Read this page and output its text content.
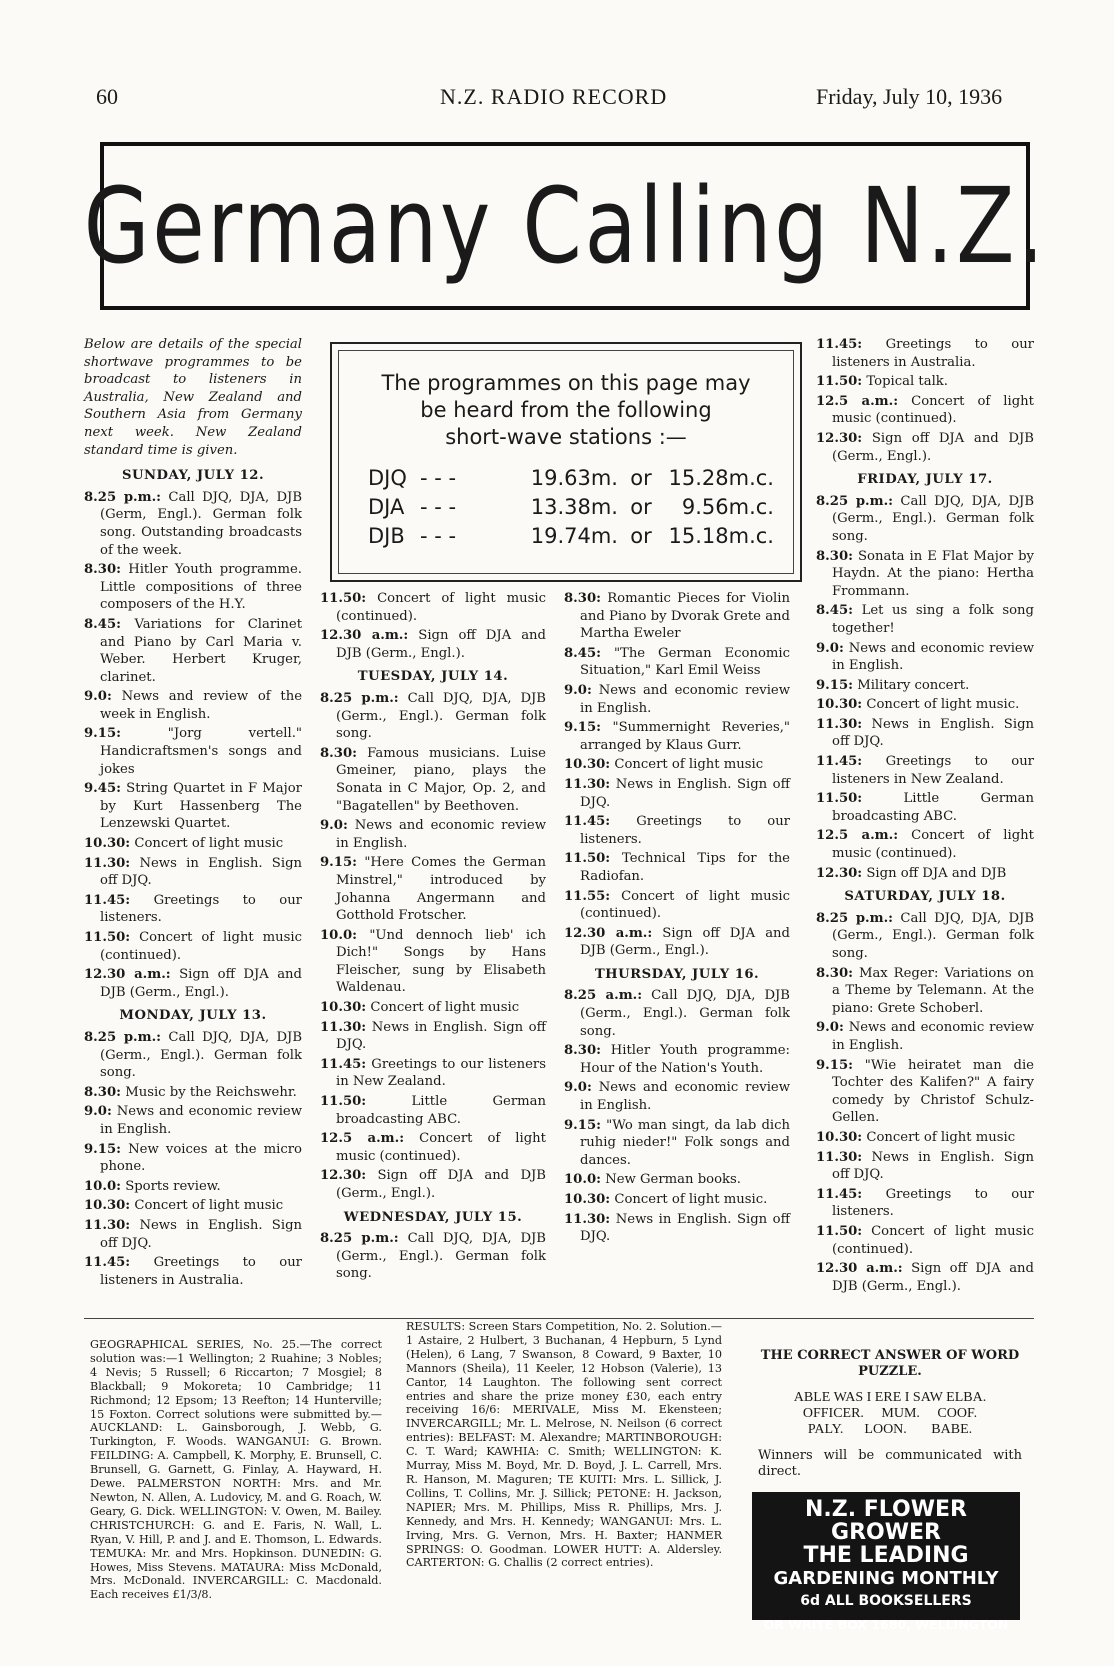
60	N.Z. RADIO RECORD	Friday, July 10, 1936
Germany Calling N.Z.

Below are details of the special shortwave programmes to be broadcast to listeners in Australia, New Zealand and Southern Asia from Germany next week. New Zealand standard time is given.

SUNDAY, JULY 12.

8.25 p.m.: Call DJQ, DJA, DJB (Germ, Engl.). German folk song. Outstanding broadcasts of the week.

8.30: Hitler Youth programme. Little compositions of three composers of the H.Y.

8.45: Variations for Clarinet and Piano by Carl Maria v. Weber. Herbert Kruger, clarinet.

9.0: News and review of the week in English.

9.15:	"Jorg vertell." Handicraftsmen's songs and jokes

9.45: String Quartet in F Major by Kurt Hassenberg The Lenzewski Quartet.

10.30: Concert of light music

11.30: News in English. Sign off DJQ.

11.45: Greetings to our listeners.

11.50: Concert of light music (continued).

12.30 a.m.: Sign off DJA and DJB (Germ., Engl.).

MONDAY, JULY 13.

8.25 p.m.: Call DJQ, DJA, DJB (Germ., Engl.). German folk song.

8.30: Music by the Reichswehr.

9.0: News and economic review in English.

9.15: New voices at the micro phone.

10.0: Sports review.

10.30: Concert of light music

11.30: News in English. Sign off DJQ.

11.45: Greetings to our listeners in Australia.

The programmes on this page may
be heard from the following
short-wave stations :—
DJQ - - -	19.63m. or 15.28m.c.
DJA - - -	13.38m. or	9.56m.c.
DJB - - -	19.74m. or 15.18m.c.

11.50: Concert of light music (continued).

12.30 a.m.: Sign off DJA and DJB (Germ., Engl.).

TUESDAY, JULY 14.

8.25 p.m.: Call DJQ, DJA, DJB (Germ., Engl.). German folk song.

8.30: Famous musicians. Luise Gmeiner, piano, plays the Sonata in C Major, Op. 2, and "Bagatellen" by Beethoven.

9.0: News and economic review in English.

9.15: "Here Comes the German Minstrel," introduced by Johanna Angermann and Gotthold Frotscher.

10.0: "Und dennoch lieb' ich Dich!" Songs by Hans Fleischer, sung by Elisabeth Waldenau.

10.30: Concert of light music

11.30: News in English. Sign off DJQ.

11.45: Greetings to our listeners in New Zealand.

11.50:	Little German broadcasting ABC.

12.5 a.m.: Concert of light music (continued).

12.30: Sign off DJA and DJB (Germ., Engl.).

WEDNESDAY, JULY 15.

8.25 p.m.: Call DJQ, DJA, DJB (Germ., Engl.). German folk song.

8.30: Romantic Pieces for Violin and Piano by Dvorak Grete and Martha Eweler

8.45: "The German Economic Situation," Karl Emil Weiss

9.0: News and economic review in English.

9.15: "Summernight Reveries," arranged by Klaus Gurr.

10.30: Concert of light music

11.30: News in English. Sign off DJQ.

11.45: Greetings to our listeners.

11.50: Technical Tips for the Radiofan.

11.55: Concert of light music (continued).

12.30 a.m.: Sign off DJA and DJB (Germ., Engl.).

THURSDAY, JULY 16.

8.25 a.m.: Call DJQ, DJA, DJB (Germ., Engl.). German folk song.

8.30: Hitler Youth programme: Hour of the Nation's Youth.

9.0: News and economic review in English.

9.15: "Wo man singt, da lab dich ruhig nieder!" Folk songs and dances.

10.0: New German books.

10.30: Concert of light music.

11.30: News in English. Sign off DJQ.

11.45: Greetings to our listeners in Australia.

11.50: Topical talk.

12.5 a.m.: Concert of light music (continued).

12.30: Sign off DJA and DJB (Germ., Engl.).

FRIDAY, JULY 17.

8.25 p.m.: Call DJQ, DJA, DJB (Germ., Engl.). German folk song.

8.30: Sonata in E Flat Major by Haydn. At the piano: Hertha Frommann.

8.45: Let us sing a folk song together!

9.0: News and economic review in English.

9.15: Military concert.

10.30: Concert of light music.

11.30: News in English. Sign off DJQ.

11.45: Greetings to our listeners in New Zealand.

11.50:	Little German broadcasting ABC.

12.5 a.m.: Concert of light music (continued).

12.30: Sign off DJA and DJB

SATURDAY, JULY 18.

8.25 p.m.: Call DJQ, DJA, DJB (Germ., Engl.). German folk song.

8.30: Max Reger: Variations on a Theme by Telemann. At the piano: Grete Schoberl.

9.0: News and economic review in English.

9.15: "Wie heiratet man die Tochter des Kalifen?" A fairy comedy by Christof Schulz-Gellen.

10.30: Concert of light music

11.30: News in English. Sign off DJQ.

11.45: Greetings to our listeners.

11.50: Concert of light music (continued).

12.30 a.m.: Sign off DJA and DJB (Germ., Engl.).

GEOGRAPHICAL SERIES, No. 25.—The correct solution was:—1 Wellington; 2 Ruahine; 3 Nobles; 4 Nevis; 5 Russell; 6 Riccarton; 7 Mosgiel; 8 Blackball; 9 Mokoreta; 10 Cambridge; 11 Richmond; 12 Epsom; 13 Reefton; 14 Hunterville; 15 Foxton. Correct solutions were submitted by.—AUCKLAND: L. Gainsborough, J. Webb, G. Turkington, F. Woods. WANGANUI: G. Brown. FEILDING: A. Campbell, K. Morphy, E. Brunsell, C. Brunsell, G. Garnett, G. Finlay, A. Hayward, H. Dewe. PALMERSTON NORTH: Mrs. and Mr. Newton, N. Allen, A. Ludovicy, M. and G. Roach, W. Geary, G. Dick. WELLINGTON: V. Owen, M. Bailey. CHRISTCHURCH: G. and E. Faris, N. Wall, L. Ryan, V. Hill, P. and J. and E. Thomson, L. Edwards. TEMUKA: Mr. and Mrs. Hopkinson. DUNEDIN: G. Howes, Miss Stevens. MATAURA: Miss McDonald, Mrs. McDonald. INVERCARGILL: C. Macdonald. Each receives £1/3/8.

RESULTS: Screen Stars Competition, No. 2. Solution.—1 Astaire, 2 Hulbert, 3 Buchanan, 4 Hepburn, 5 Lynd (Helen), 6 Lang, 7 Swanson, 8 Coward, 9 Baxter, 10 Mannors (Sheila), 11 Keeler, 12 Hobson (Valerie), 13 Cantor, 14 Laughton. The following sent correct entries and share the prize money £30, each entry receiving 16/6: MERIVALE, Miss M. Ekensteen; INVERCARGILL; Mr. L. Melrose, N. Neilson (6 correct entries): BELFAST: M. Alexandre; MARTINBOROUGH: C. T. Ward; KAWHIA: C. Smith; WELLINGTON: K. Murray, Miss M. Boyd, Mr. D. Boyd, J. L. Carrell, Mrs. R. Hanson, M. Maguren; TE KUITI: Mrs. L. Sillick, J. Collins, T. Collins, Mr. J. Sillick; PETONE: H. Jackson, NAPIER; Mrs. M. Phillips, Miss R. Phillips, Mrs. J. Kennedy, and Mrs. H. Kennedy; WANGANUI: Mrs. L. Irving, Mrs. G. Vernon, Mrs. H. Baxter; HANMER SPRINGS: O. Goodman. LOWER HUTT: A. Aldersley. CARTERTON: G. Challis (2 correct entries).

THE CORRECT ANSWER OF WORD PUZZLE.
ABLE WAS I ERE I SAW ELBA.
OFFICER.     MUM.     COOF.
PALY.      LOON.       BABE.
Winners will be communicated with direct.
N.Z. FLOWER GROWER
THE LEADING
GARDENING MONTHLY
6d ALL BOOKSELLERS
OR WRITE BOX 1680, WELLINGTON
